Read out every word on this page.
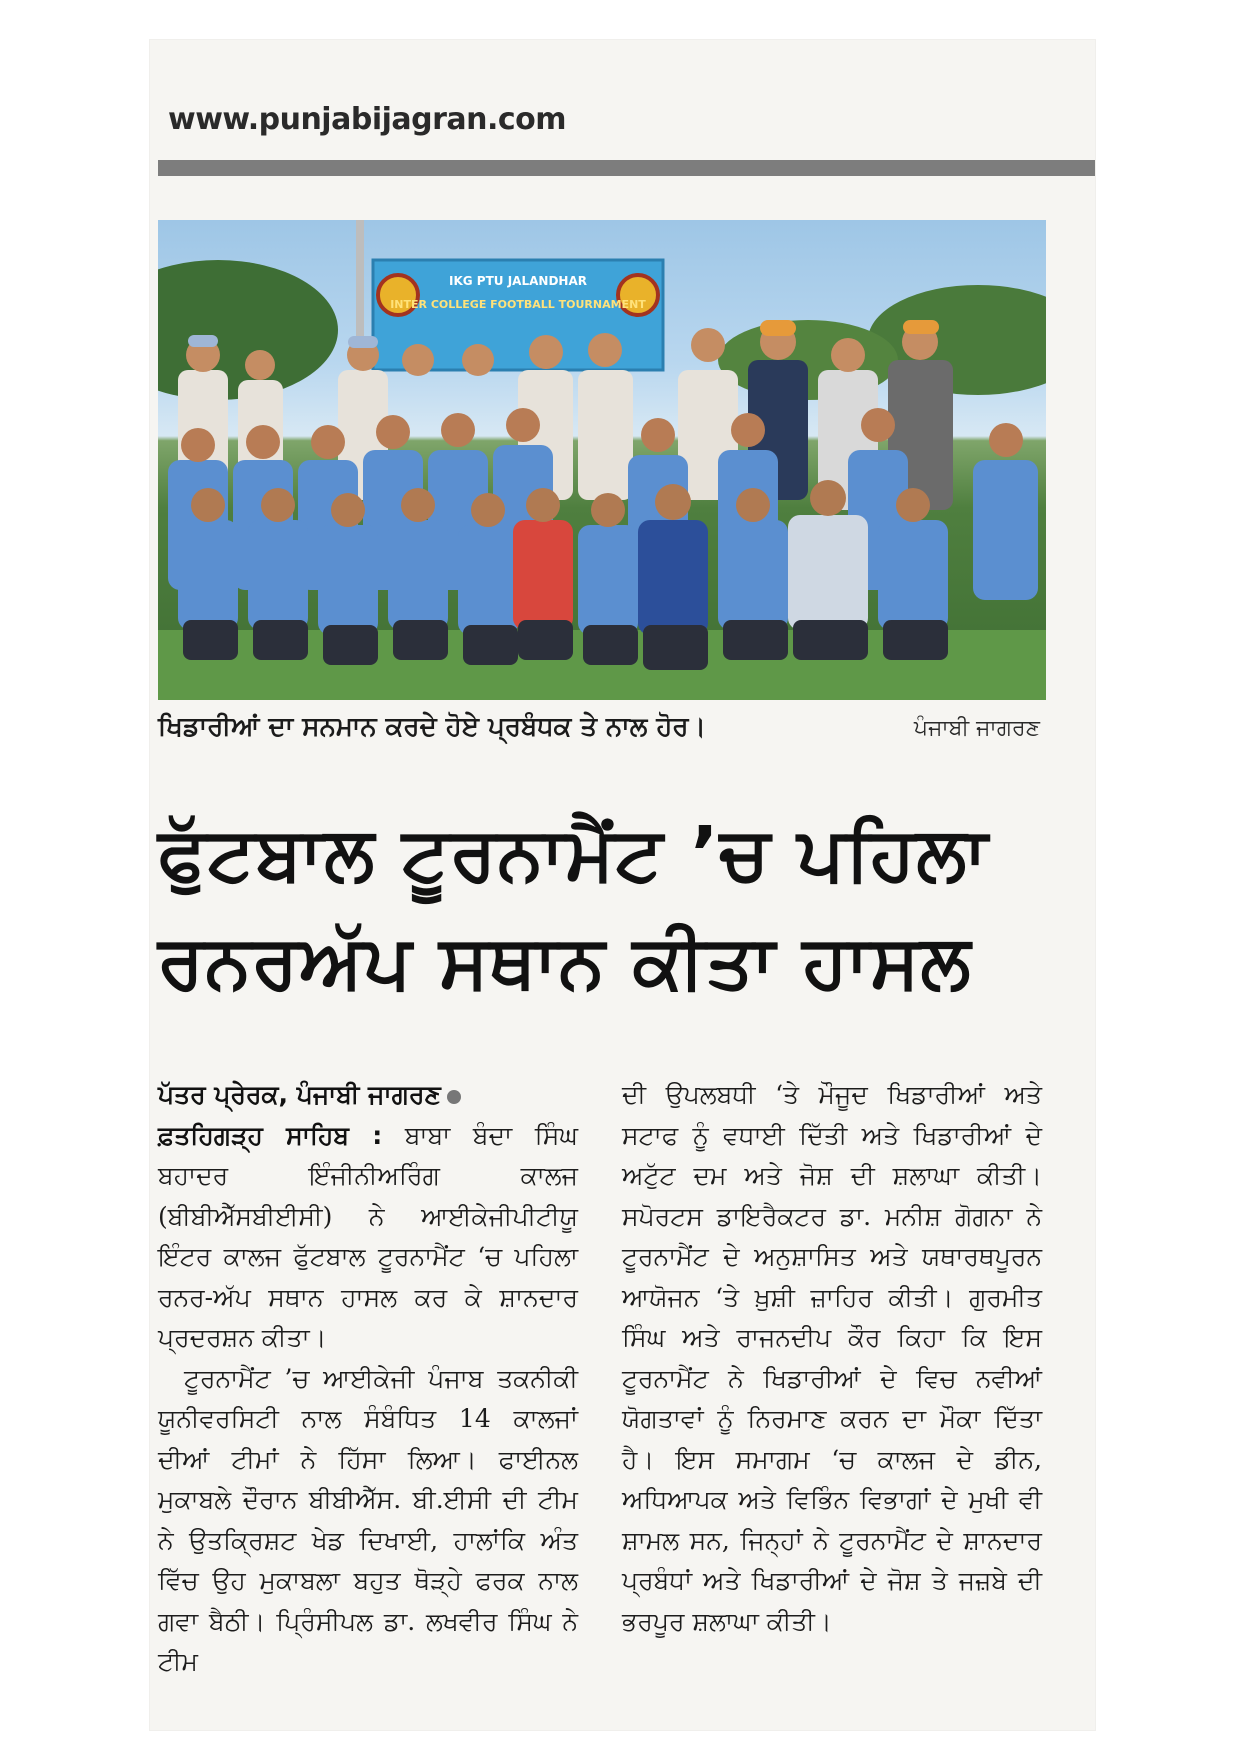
www.punjabijagran.com
IKG PTU JALANDHAR
INTER COLLEGE FOOTBALL TOURNAMENT
ਖਿਡਾਰੀਆਂ ਦਾ ਸਨਮਾਨ ਕਰਦੇ ਹੋਏ ਪ੍ਰਬੰਧਕ ਤੇ ਨਾਲ ਹੋਰ।	ਪੰਜਾਬੀ ਜਾਗਰਣ
ਫੁੱਟਬਾਲ ਟੂਰਨਾਮੈਂਟ ’ਚ ਪਹਿਲਾ
ਰਨਰਅੱਪ ਸਥਾਨ ਕੀਤਾ ਹਾਸਲ

ਪੱਤਰ ਪ੍ਰੇਰਕ, ਪੰਜਾਬੀ ਜਾਗਰਣ
ਫ਼ਤਹਿਗੜ੍ਹ ਸਾਹਿਬ : ਬਾਬਾ ਬੰਦਾ ਸਿੰਘ ਬਹਾਦਰ ਇੰਜੀਨੀਅਰਿੰਗ ਕਾਲਜ (ਬੀਬੀਐੱਸਬੀਈਸੀ) ਨੇ ਆਈਕੇਜੀਪੀਟੀਯੂ ਇੰਟਰ ਕਾਲਜ ਫੁੱਟਬਾਲ ਟੂਰਨਾਮੈਂਟ ‘ਚ ਪਹਿਲਾ ਰਨਰ-ਅੱਪ ਸਥਾਨ ਹਾਸਲ ਕਰ ਕੇ ਸ਼ਾਨਦਾਰ ਪ੍ਰਦਰਸ਼ਨ ਕੀਤਾ।

ਟੂਰਨਾਮੈਂਟ ’ਚ ਆਈਕੇਜੀ ਪੰਜਾਬ ਤਕਨੀਕੀ ਯੂਨੀਵਰਸਿਟੀ ਨਾਲ ਸੰਬੰਧਿਤ 14 ਕਾਲਜਾਂ ਦੀਆਂ ਟੀਮਾਂ ਨੇ ਹਿੱਸਾ ਲਿਆ। ਫਾਈਨਲ ਮੁਕਾਬਲੇ ਦੌਰਾਨ ਬੀਬੀਐੱਸ. ਬੀ.ਈਸੀ ਦੀ ਟੀਮ ਨੇ ਉਤਕ੍ਰਿਸ਼ਟ ਖੇਡ ਦਿਖਾਈ, ਹਾਲਾਂਕਿ ਅੰਤ ਵਿੱਚ ਉਹ ਮੁਕਾਬਲਾ ਬਹੁਤ ਥੋੜ੍ਹੇ ਫਰਕ ਨਾਲ ਗਵਾ ਬੈਠੀ। ਪ੍ਰਿੰਸੀਪਲ ਡਾ. ਲਖਵੀਰ ਸਿੰਘ ਨੇ ਟੀਮ

ਦੀ ਉਪਲਬਧੀ ‘ਤੇ ਮੌਜੂਦ ਖਿਡਾਰੀਆਂ ਅਤੇ ਸਟਾਫ ਨੂੰ ਵਧਾਈ ਦਿੱਤੀ ਅਤੇ ਖਿਡਾਰੀਆਂ ਦੇ ਅਟੁੱਟ ਦਮ ਅਤੇ ਜੋਸ਼ ਦੀ ਸ਼ਲਾਘਾ ਕੀਤੀ। ਸਪੋਰਟਸ ਡਾਇਰੈਕਟਰ ਡਾ. ਮਨੀਸ਼ ਗੋਗਨਾ ਨੇ ਟੂਰਨਾਮੈਂਟ ਦੇ ਅਨੁਸ਼ਾਸਿਤ ਅਤੇ ਯਥਾਰਥਪੂਰਨ ਆਯੋਜਨ ‘ਤੇ ਖ਼ੁਸ਼ੀ ਜ਼ਾਹਿਰ ਕੀਤੀ। ਗੁਰਮੀਤ ਸਿੰਘ ਅਤੇ ਰਾਜਨਦੀਪ ਕੌਰ ਕਿਹਾ ਕਿ ਇਸ ਟੂਰਨਾਮੈਂਟ ਨੇ ਖਿਡਾਰੀਆਂ ਦੇ ਵਿਚ ਨਵੀਆਂ ਯੋਗਤਾਵਾਂ ਨੂੰ ਨਿਰਮਾਣ ਕਰਨ ਦਾ ਮੌਕਾ ਦਿੱਤਾ ਹੈ। ਇਸ ਸਮਾਗਮ ‘ਚ ਕਾਲਜ ਦੇ ਡੀਨ, ਅਧਿਆਪਕ ਅਤੇ ਵਿਭਿੰਨ ਵਿਭਾਗਾਂ ਦੇ ਮੁਖੀ ਵੀ ਸ਼ਾਮਲ ਸਨ, ਜਿਨ੍ਹਾਂ ਨੇ ਟੂਰਨਾਮੈਂਟ ਦੇ ਸ਼ਾਨਦਾਰ ਪ੍ਰਬੰਧਾਂ ਅਤੇ ਖਿਡਾਰੀਆਂ ਦੇ ਜੋਸ਼ ਤੇ ਜਜ਼ਬੇ ਦੀ ਭਰਪੂਰ ਸ਼ਲਾਘਾ ਕੀਤੀ।
